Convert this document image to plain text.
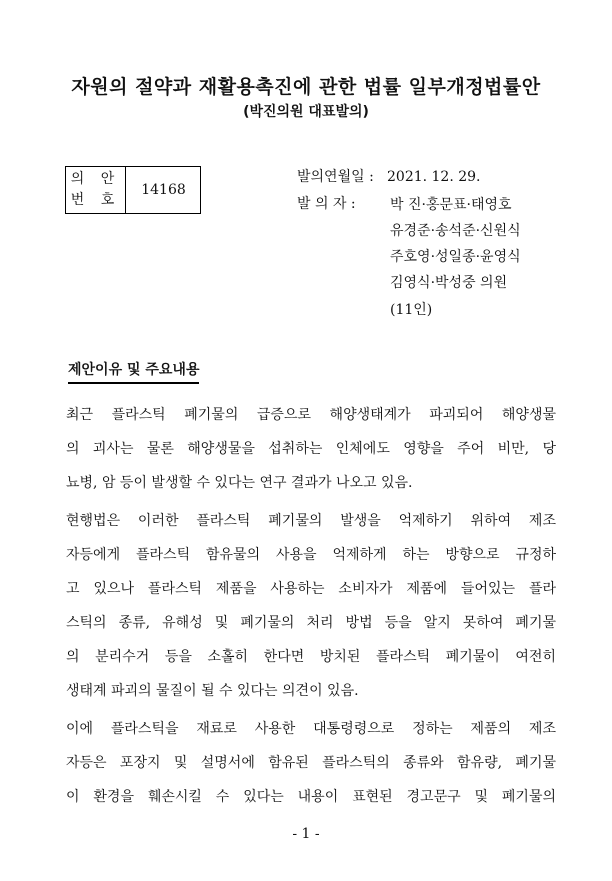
자원의 절약과 재활용촉진에 관한 법률 일부개정법률안
(박진의원 대표발의)
의 안
번 호
14168
발의연월일 : 2021. 12. 29.
발 의 자 :	박 진·홍문표·태영호
유경준·송석준·신원식
주호영·성일종·윤영식
김영식·박성중 의원
(11인)
제안이유 및 주요내용
최근 플라스틱 폐기물의 급증으로 해양생태계가 파괴되어 해양생물
의 괴사는 물론 해양생물을 섭취하는 인체에도 영향을 주어 비만, 당
뇨병, 암 등이 발생할 수 있다는 연구 결과가 나오고 있음.
현행법은 이러한 플라스틱 폐기물의 발생을 억제하기 위하여 제조
자등에게 플라스틱 함유물의 사용을 억제하게 하는 방향으로 규정하
고 있으나 플라스틱 제품을 사용하는 소비자가 제품에 들어있는 플라
스틱의 종류, 유해성 및 폐기물의 처리 방법 등을 알지 못하여 폐기물
의 분리수거 등을 소홀히 한다면 방치된 플라스틱 폐기물이 여전히
생태계 파괴의 물질이 될 수 있다는 의견이 있음.
이에 플라스틱을 재료로 사용한 대통령령으로 정하는 제품의 제조
자등은 포장지 및 설명서에 함유된 플라스틱의 종류와 함유량, 폐기물
이 환경을 훼손시킬 수 있다는 내용이 표현된 경고문구 및 폐기물의
- 1 -
